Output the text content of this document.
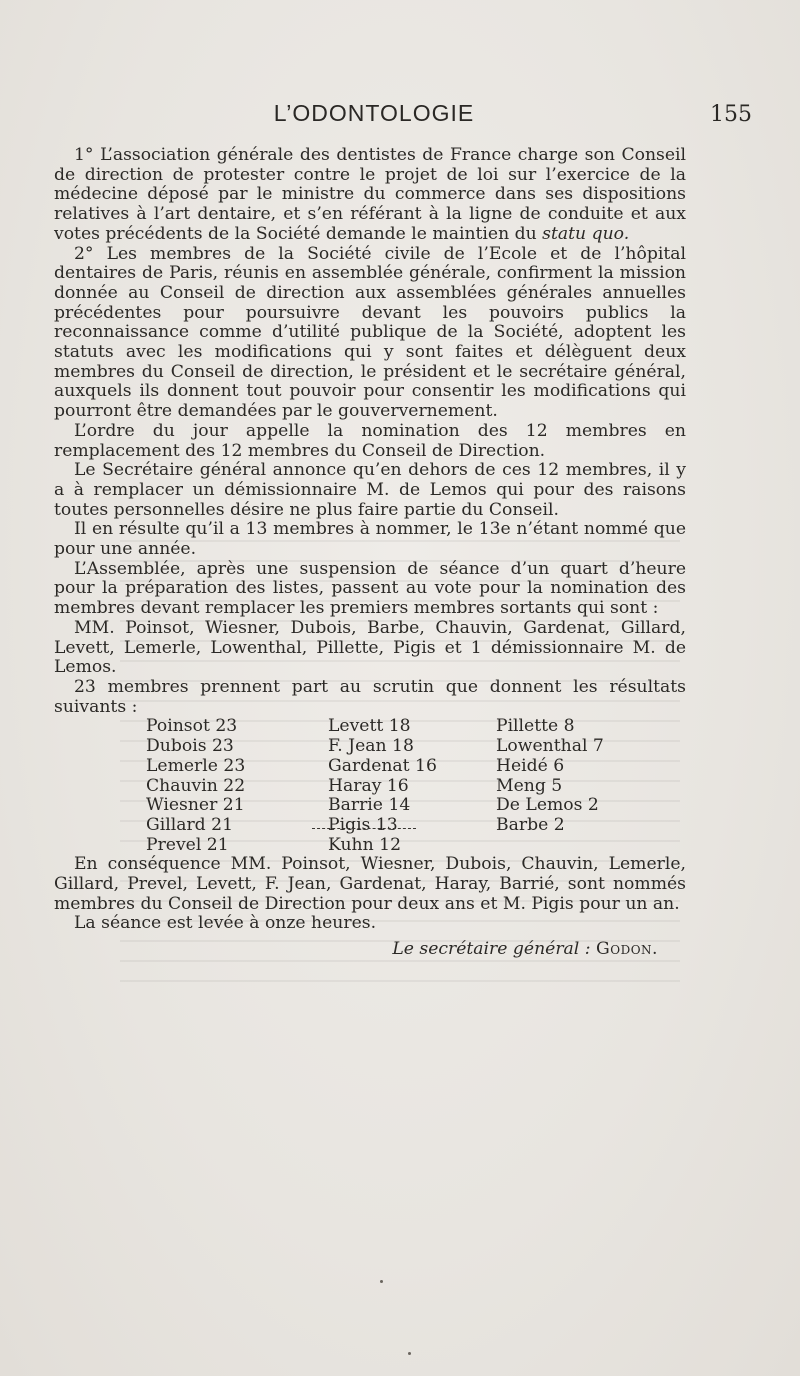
L’ODONTOLOGIE	155

1° L’association générale des dentistes de France charge son Conseil de direction de protester contre le projet de loi sur l’exercice de la médecine déposé par le ministre du commerce dans ses dispositions relatives à l’art dentaire, et s’en référant à la ligne de conduite et aux votes précédents de la Société demande le maintien du statu quo.

2° Les membres de la Société civile de l’Ecole et de l’hôpital dentaires de Paris, réunis en assemblée générale, confirment la mission donnée au Conseil de direction aux assemblées générales annuelles précédentes pour poursuivre devant les pouvoirs publics la reconnaissance comme d’utilité publique de la Société, adoptent les statuts avec les modifications qui y sont faites et délèguent deux membres du Conseil de direction, le président et le secrétaire général, auxquels ils donnent tout pouvoir pour consentir les modifications qui pourront être demandées par le gouververnement.

L’ordre du jour appelle la nomination des 12 membres en remplacement des 12 membres du Conseil de Direction.

Le Secrétaire général annonce qu’en dehors de ces 12 membres, il y a à remplacer un démissionnaire M. de Lemos qui pour des raisons toutes personnelles désire ne plus faire partie du Conseil.

Il en résulte qu’il a 13 membres à nommer, le 13e n’étant nommé que pour une année.

L’Assemblée, après une suspension de séance d’un quart d’heure pour la préparation des listes, passent au vote pour la nomination des membres devant remplacer les premiers membres sortants qui sont :

MM. Poinsot, Wiesner, Dubois, Barbe, Chauvin, Gardenat, Gillard, Levett, Lemerle, Lowenthal, Pillette, Pigis et 1 démissionnaire M. de Lemos.

23 membres prennent part au scrutin que donnent les résultats suivants :

Poinsot 23	Levett 18	Pillette 8
Dubois 23	F. Jean 18	Lowenthal 7
Lemerle 23	Gardenat 16	Heidé 6
Chauvin 22	Haray 16	Meng 5
Wiesner 21	Barrie 14	De Lemos 2
Gillard 21	Pigis 13	Barbe 2
Prevel 21	Kuhn 12	

En conséquence MM. Poinsot, Wiesner, Dubois, Chauvin, Lemerle, Gillard, Prevel, Levett, F. Jean, Gardenat, Haray, Barrié, sont nommés membres du Conseil de Direction pour deux ans et M. Pigis pour un an.

La séance est levée à onze heures.

Le secrétaire général : Godon.
